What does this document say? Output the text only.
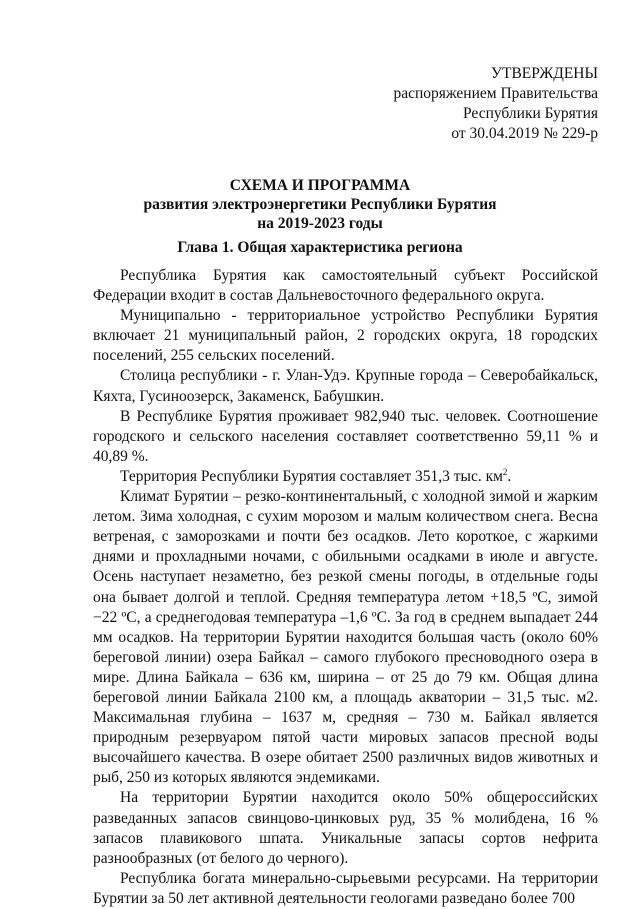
УТВЕРЖДЕНЫ
распоряжением Правительства
Республики Бурятия
от 30.04.2019 № 229-р
СХЕМА И ПРОГРАММА
развития электроэнергетики Республики Бурятия
на 2019-2023 годы
Глава 1. Общая характеристика региона

Республика Бурятия как самостоятельный субъект Российской Федерации входит в состав Дальневосточного федерального округа.

Муниципально - территориальное устройство Республики Бурятия включает 21 муниципальный район, 2 городских округа, 18 городских поселений, 255 сельских поселений.

Столица республики - г. Улан-Удэ. Крупные города – Северобайкальск, Кяхта, Гусиноозерск, Закаменск, Бабушкин.

В Республике Бурятия проживает 982,940 тыс. человек. Соотношение городского и сельского населения составляет соответственно 59,11 % и 40,89 %.

Территория Республики Бурятия составляет 351,3 тыс. $км^2$.

Климат Бурятии – резко-континентальный, с холодной зимой и жарким летом. Зима холодная, с сухим морозом и малым количеством снега. Весна ветреная, с заморозками и почти без осадков. Лето короткое, с жаркими днями и прохладными ночами, с обильными осадками в июле и августе. Осень наступает незаметно, без резкой смены погоды, в отдельные годы она бывает долгой и теплой. Средняя температура летом +18,5 ºС, зимой −22 ºС, а среднегодовая температура –1,6 ºС. За год в среднем выпадает 244 мм осадков. На территории Бурятии находится большая часть (около 60% береговой линии) озера Байкал – самого глубокого пресноводного озера в мире. Длина Байкала – 636 км, ширина – от 25 до 79 км. Общая длина береговой линии Байкала 2100 км, а площадь акватории – 31,5 тыс. м2. Максимальная глубина – 1637 м, средняя – 730 м. Байкал является природным резервуаром пятой части мировых запасов пресной воды высочайшего качества. В озере обитает 2500 различных видов животных и рыб, 250 из которых являются эндемиками.

На территории Бурятии находится около 50% общероссийских разведанных запасов свинцово-цинковых руд, 35 % молибдена, 16 % запасов плавикового шпата. Уникальные запасы сортов нефрита разнообразных (от белого до черного).

Республика богата минерально-сырьевыми ресурсами. На территории Бурятии за 50 лет активной деятельности геологами разведано более 700
